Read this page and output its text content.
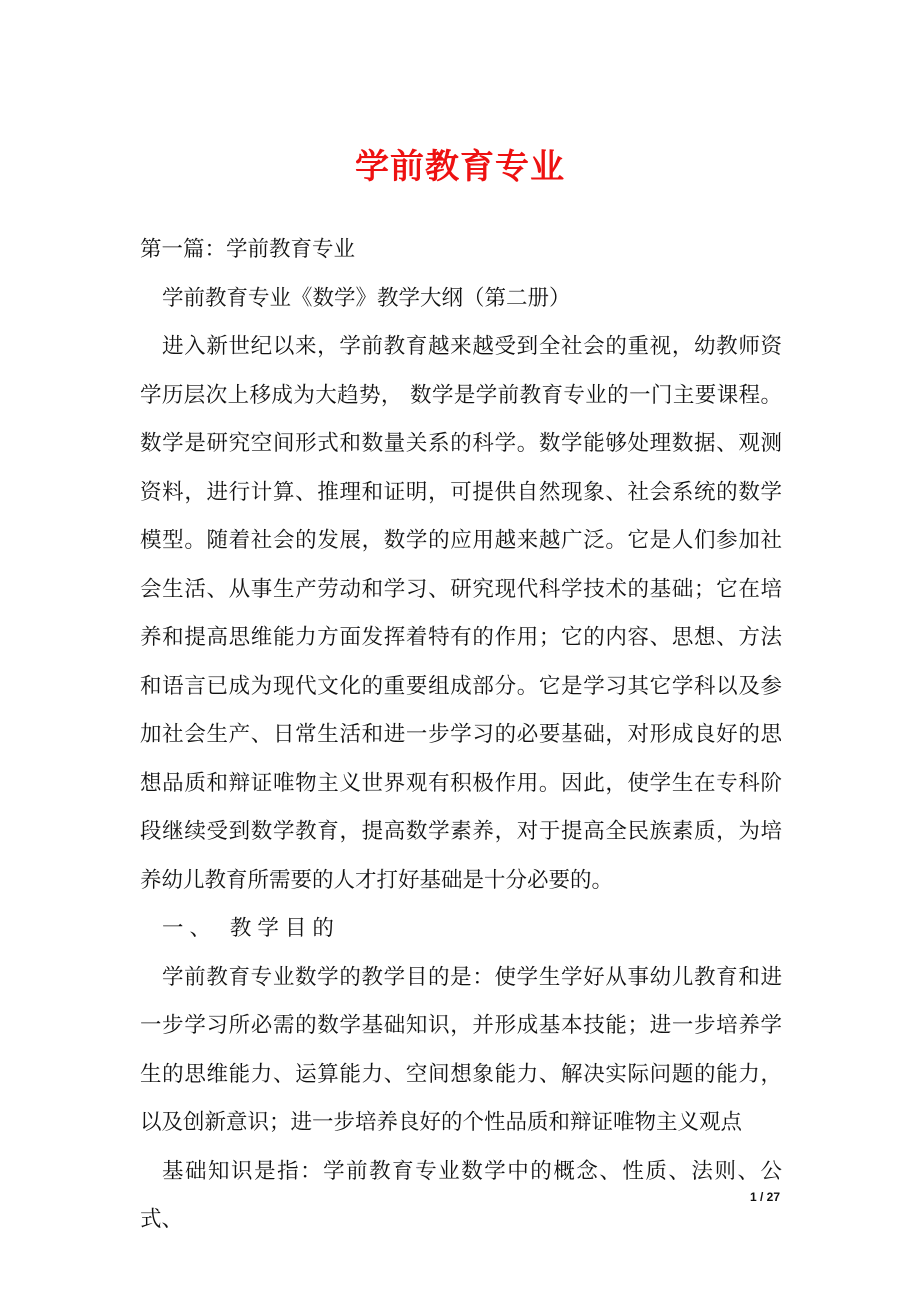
学前教育专业

第一篇：学前教育专业

学前教育专业《数学》教学大纲（第二册）

进入新世纪以来，学前教育越来越受到全社会的重视，幼教师资学历层次上移成为大趋势， 数学是学前教育专业的一门主要课程。数学是研究空间形式和数量关系的科学。数学能够处理数据、观测资料，进行计算、推理和证明，可提供自然现象、社会系统的数学模型。随着社会的发展，数学的应用越来越广泛。它是人们参加社会生活、从事生产劳动和学习、研究现代科学技术的基础；它在培养和提高思维能力方面发挥着特有的作用；它的内容、思想、方法和语言已成为现代文化的重要组成部分。它是学习其它学科以及参加社会生产、日常生活和进一步学习的必要基础，对形成良好的思想品质和辩证唯物主义世界观有积极作用。因此，使学生在专科阶段继续受到数学教育，提高数学素养，对于提高全民族素质，为培养幼儿教育所需要的人才打好基础是十分必要的。

一、 教学目的

学前教育专业数学的教学目的是：使学生学好从事幼儿教育和进一步学习所必需的数学基础知识，并形成基本技能；进一步培养学生的思维能力、运算能力、空间想象能力、解决实际问题的能力，以及创新意识；进一步培养良好的个性品质和辩证唯物主义观点

基础知识是指：学前教育专业数学中的概念、性质、法则、公式、

1 / 27
